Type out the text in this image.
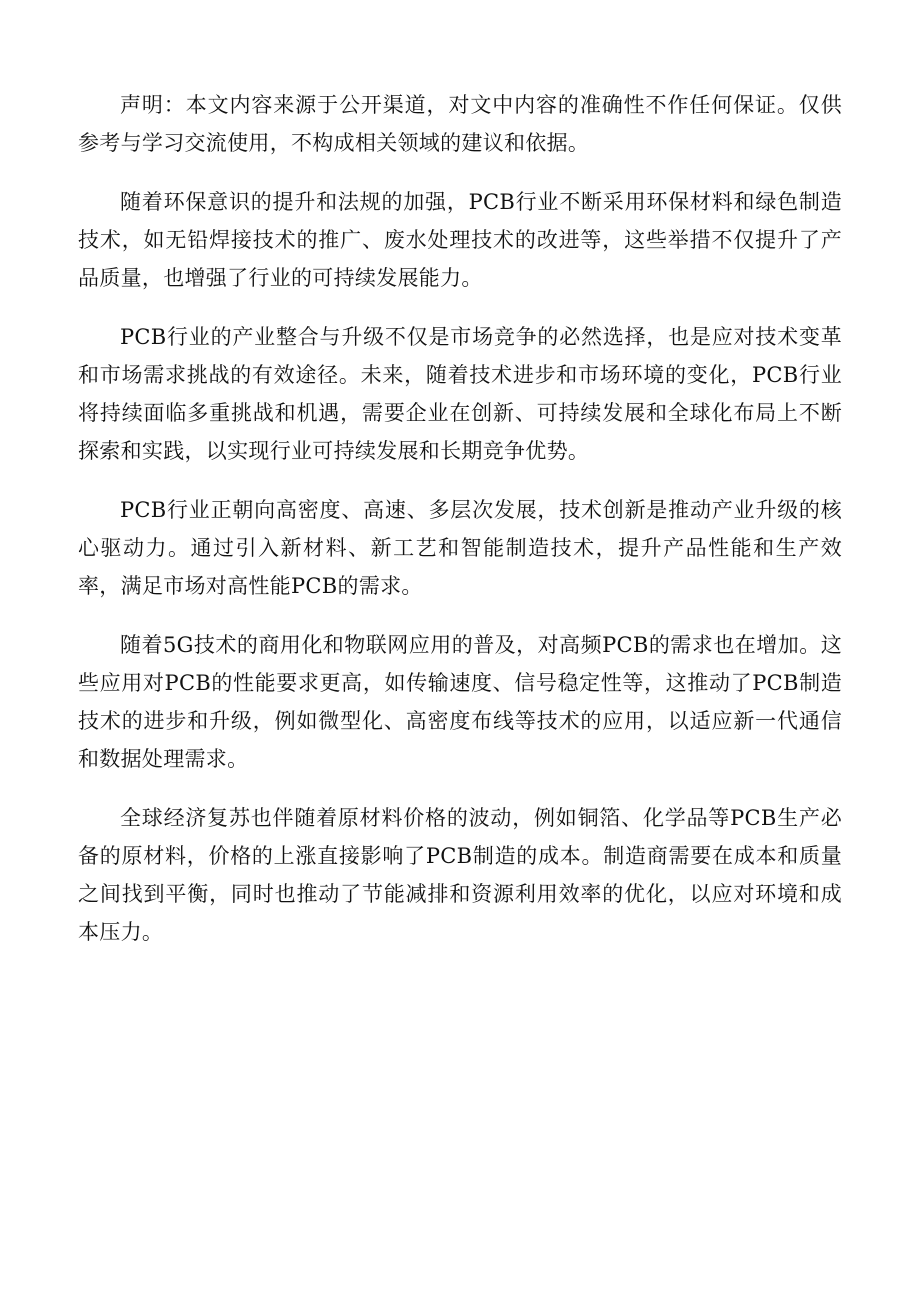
声明：本文内容来源于公开渠道，对文中内容的准确性不作任何保证。仅供参考与学习交流使用，不构成相关领域的建议和依据。

随着环保意识的提升和法规的加强，PCB行业不断采用环保材料和绿色制造技术，如无铅焊接技术的推广、废水处理技术的改进等，这些举措不仅提升了产品质量，也增强了行业的可持续发展能力。

PCB行业的产业整合与升级不仅是市场竞争的必然选择，也是应对技术变革和市场需求挑战的有效途径。未来，随着技术进步和市场环境的变化，PCB行业将持续面临多重挑战和机遇，需要企业在创新、可持续发展和全球化布局上不断探索和实践，以实现行业可持续发展和长期竞争优势。

PCB行业正朝向高密度、高速、多层次发展，技术创新是推动产业升级的核心驱动力。通过引入新材料、新工艺和智能制造技术，提升产品性能和生产效率，满足市场对高性能PCB的需求。

随着5G技术的商用化和物联网应用的普及，对高频PCB的需求也在增加。这些应用对PCB的性能要求更高，如传输速度、信号稳定性等，这推动了PCB制造技术的进步和升级，例如微型化、高密度布线等技术的应用，以适应新一代通信和数据处理需求。

全球经济复苏也伴随着原材料价格的波动，例如铜箔、化学品等PCB生产必备的原材料，价格的上涨直接影响了PCB制造的成本。制造商需要在成本和质量之间找到平衡，同时也推动了节能减排和资源利用效率的优化，以应对环境和成本压力。
